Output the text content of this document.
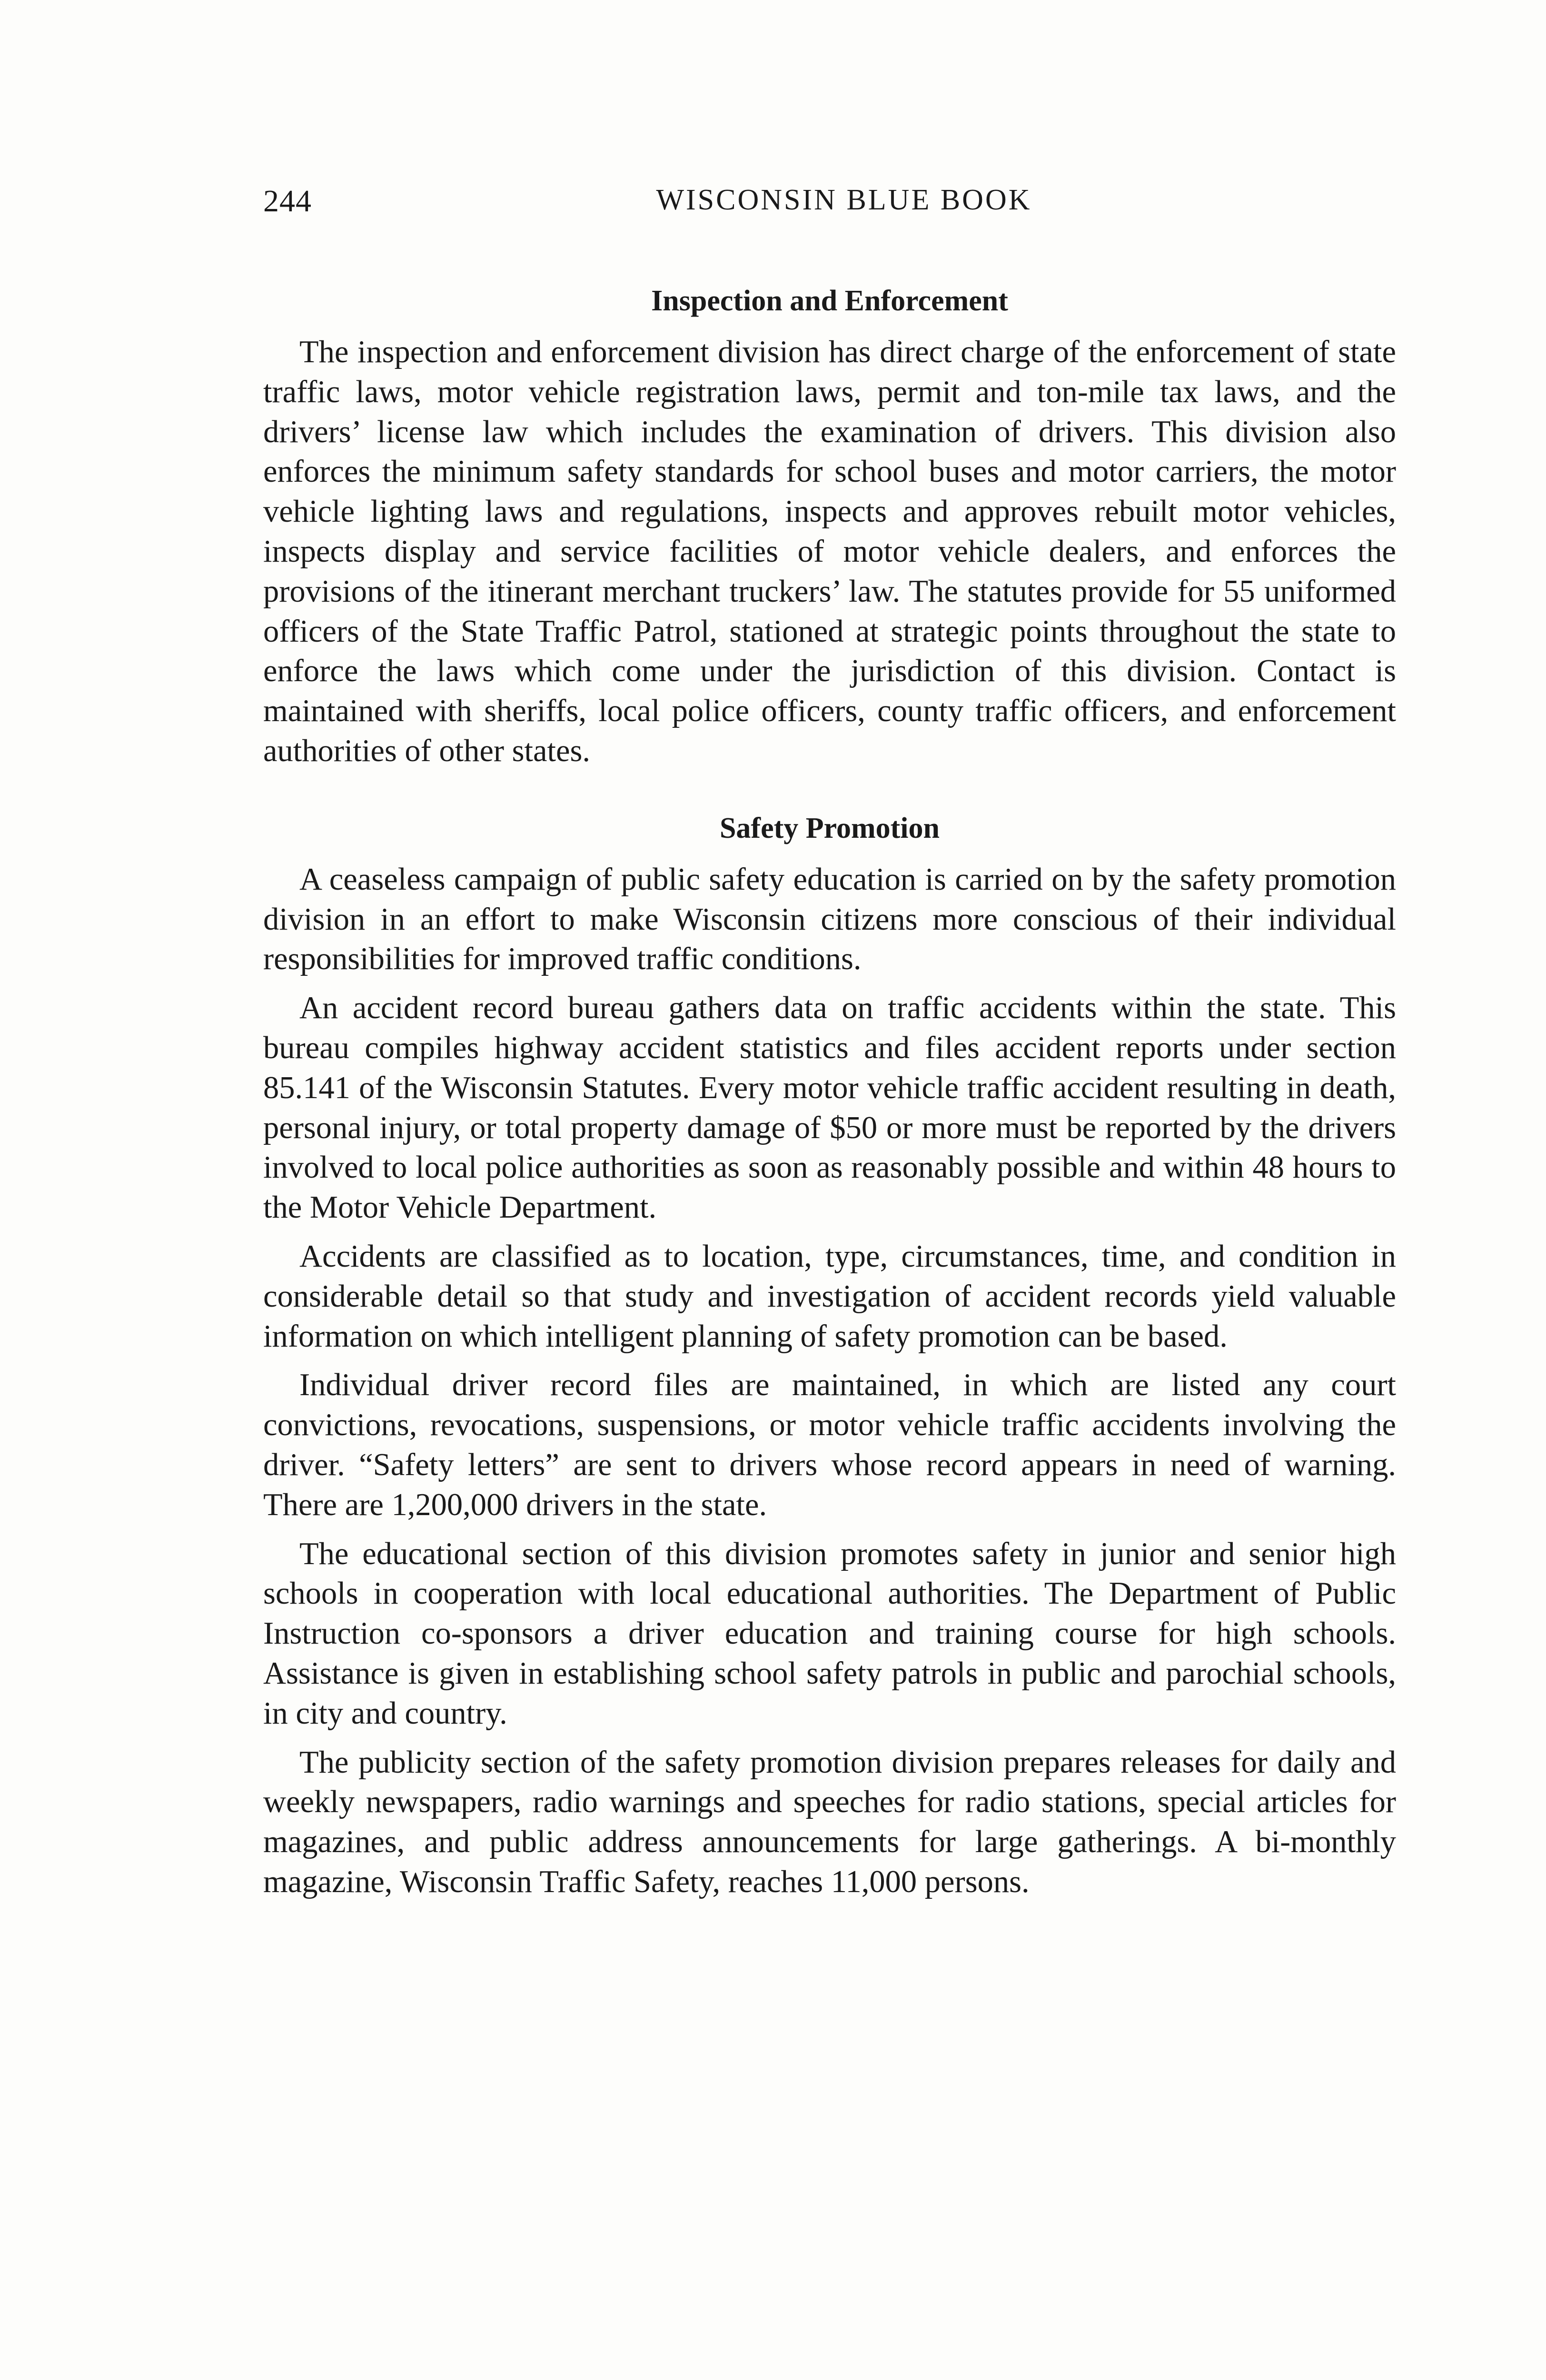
244	WISCONSIN BLUE BOOK
Inspection and Enforcement

The inspection and enforcement division has direct charge of the enforcement of state traffic laws, motor vehicle registration laws, permit and ton-mile tax laws, and the drivers’ license law which includes the examination of drivers. This division also enforces the minimum safety standards for school buses and motor carriers, the motor vehicle lighting laws and regulations, inspects and approves rebuilt motor vehicles, inspects display and service facilities of motor vehicle dealers, and enforces the provisions of the itinerant merchant truckers’ law. The statutes provide for 55 uniformed officers of the State Traffic Patrol, stationed at strategic points throughout the state to enforce the laws which come under the jurisdiction of this division. Contact is maintained with sheriffs, local police officers, county traffic officers, and enforcement authorities of other states.

Safety Promotion

A ceaseless campaign of public safety education is carried on by the safety promotion division in an effort to make Wisconsin citizens more conscious of their individual responsibilities for improved traffic conditions.

An accident record bureau gathers data on traffic accidents within the state. This bureau compiles highway accident statistics and files accident reports under section 85.141 of the Wisconsin Statutes. Every motor vehicle traffic accident resulting in death, personal injury, or total property damage of $50 or more must be reported by the drivers involved to local police authorities as soon as reasonably possible and within 48 hours to the Motor Vehicle Department.

Accidents are classified as to location, type, circumstances, time, and condition in considerable detail so that study and investigation of accident records yield valuable information on which intelligent planning of safety promotion can be based.

Individual driver record files are maintained, in which are listed any court convictions, revocations, suspensions, or motor vehicle traffic accidents involving the driver. “Safety letters” are sent to drivers whose record appears in need of warning. There are 1,200,000 drivers in the state.

The educational section of this division promotes safety in junior and senior high schools in cooperation with local educational authorities. The Department of Public Instruction co-sponsors a driver education and training course for high schools. Assistance is given in establishing school safety patrols in public and parochial schools, in city and country.

The publicity section of the safety promotion division prepares releases for daily and weekly newspapers, radio warnings and speeches for radio stations, special articles for magazines, and public address announcements for large gatherings. A bi-monthly magazine, Wisconsin Traffic Safety, reaches 11,000 persons.
